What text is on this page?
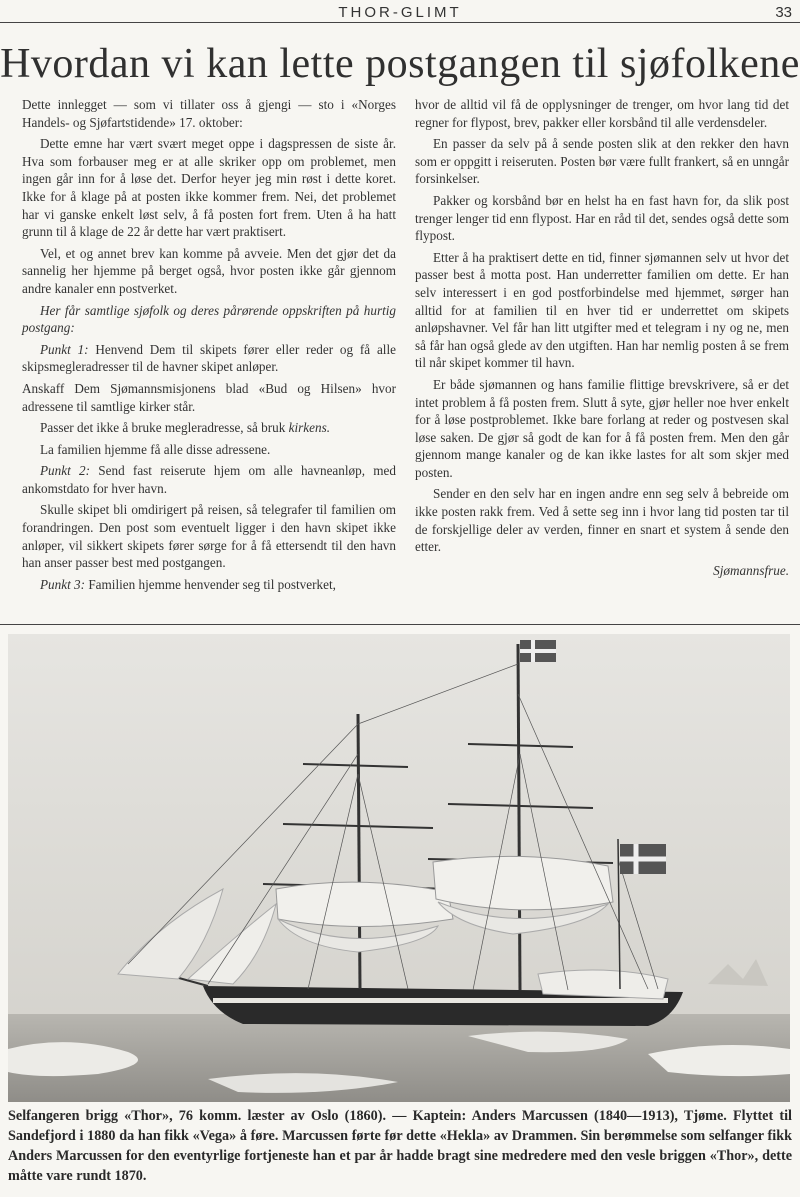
THOR-GLIMT	33
Hvordan vi kan lette postgangen til sjøfolkene

Dette innlegget — som vi tillater oss å gjengi — sto i «Norges Handels- og Sjøfartstidende» 17. oktober:

Dette emne har vært svært meget oppe i dagspressen de siste år. Hva som forbauser meg er at alle skriker opp om problemet, men ingen går inn for å løse det. Derfor heyer jeg min røst i dette koret. Ikke for å klage på at posten ikke kommer frem. Nei, det problemet har vi ganske enkelt løst selv, å få posten fort frem. Uten å ha hatt grunn til å klage de 22 år dette har vært praktisert.

Vel, et og annet brev kan komme på avveie. Men det gjør det da sannelig her hjemme på berget også, hvor posten ikke går gjennom andre kanaler enn postverket.

Her får samtlige sjøfolk og deres pårørende oppskriften på hurtig postgang:

Punkt 1: Henvend Dem til skipets fører eller reder og få alle skipsmegleradresser til de havner skipet anløper.

Anskaff Dem Sjømannsmisjonens blad «Bud og Hilsen» hvor adressene til samtlige kirker står.

Passer det ikke å bruke megleradresse, så bruk kirkens.

La familien hjemme få alle disse adressene.

Punkt 2: Send fast reiserute hjem om alle havneanløp, med ankomstdato for hver havn.

Skulle skipet bli omdirigert på reisen, så telegrafer til familien om forandringen. Den post som eventuelt ligger i den havn skipet ikke anløper, vil sikkert skipets fører sørge for å få ettersendt til den havn han anser passer best med postgangen.

Punkt 3: Familien hjemme henvender seg til postverket,

hvor de alltid vil få de opplysninger de trenger, om hvor lang tid det regner for flypost, brev, pakker eller korsbånd til alle verdensdeler.

En passer da selv på å sende posten slik at den rekker den havn som er oppgitt i reiseruten. Posten bør være fullt frankert, så en unngår forsinkelser.

Pakker og korsbånd bør en helst ha en fast havn for, da slik post trenger lenger tid enn flypost. Har en råd til det, sendes også dette som flypost.

Etter å ha praktisert dette en tid, finner sjømannen selv ut hvor det passer best å motta post. Han underretter familien om dette. Er han selv interessert i en god postforbindelse med hjemmet, sørger han alltid for at familien til en hver tid er underrettet om skipets anløpshavner. Vel får han litt utgifter med et telegram i ny og ne, men så får han også glede av den utgiften. Han har nemlig posten å se frem til når skipet kommer til havn.

Er både sjømannen og hans familie flittige brevskrivere, så er det intet problem å få posten frem. Slutt å syte, gjør heller noe hver enkelt for å løse postproblemet. Ikke bare forlang at reder og postvesen skal løse saken. De gjør så godt de kan for å få posten frem. Men den går gjennom mange kanaler og de kan ikke lastes for alt som skjer med posten.

Sender en den selv har en ingen andre enn seg selv å bebreide om ikke posten rakk frem. Ved å sette seg inn i hvor lang tid posten tar til de forskjellige deler av verden, finner en snart et system å sende den etter.

Sjømannsfrue.

Selfangeren brigg «Thor», 76 komm. læster av Oslo (1860). — Kaptein: Anders Marcussen (1840—1913), Tjøme. Flyttet til Sandefjord i 1880 da han fikk «Vega» å føre. Marcussen førte før dette «Hekla» av Drammen. Sin berømmelse som selfanger fikk Anders Marcussen for den eventyrlige fortjeneste han et par år hadde bragt sine medredere med den vesle briggen «Thor», dette måtte vare rundt 1870.
